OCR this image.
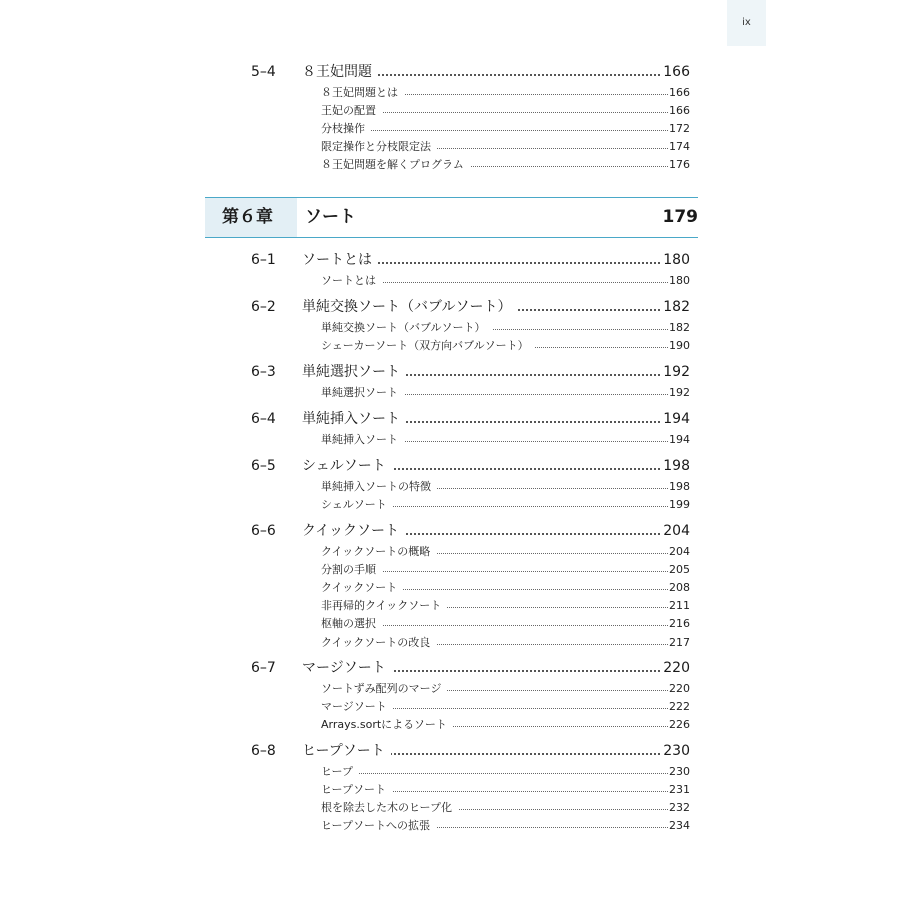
ix
第６章 ソート	179
5–4 ８王妃問題	166
８王妃問題とは	166
王妃の配置	166
分枝操作	172
限定操作と分枝限定法	174
８王妃問題を解くプログラム	176
6–1 ソートとは	180
ソートとは	180
6–2 単純交換ソート（バブルソート）	182
単純交換ソート（バブルソート）	182
シェーカーソート（双方向バブルソート）	190
6–3 単純選択ソート	192
単純選択ソート	192
6–4 単純挿入ソート	194
単純挿入ソート	194
6–5 シェルソート	198
単純挿入ソートの特徴	198
シェルソート	199
6–6 クイックソート	204
クイックソートの概略	204
分割の手順	205
クイックソート	208
非再帰的クイックソート	211
枢軸の選択	216
クイックソートの改良	217
6–7 マージソート	220
ソートずみ配列のマージ	220
マージソート	222
Arrays.sortによるソート	226
6–8 ヒープソート	230
ヒープ	230
ヒープソート	231
根を除去した木のヒープ化	232
ヒープソートへの拡張	234
